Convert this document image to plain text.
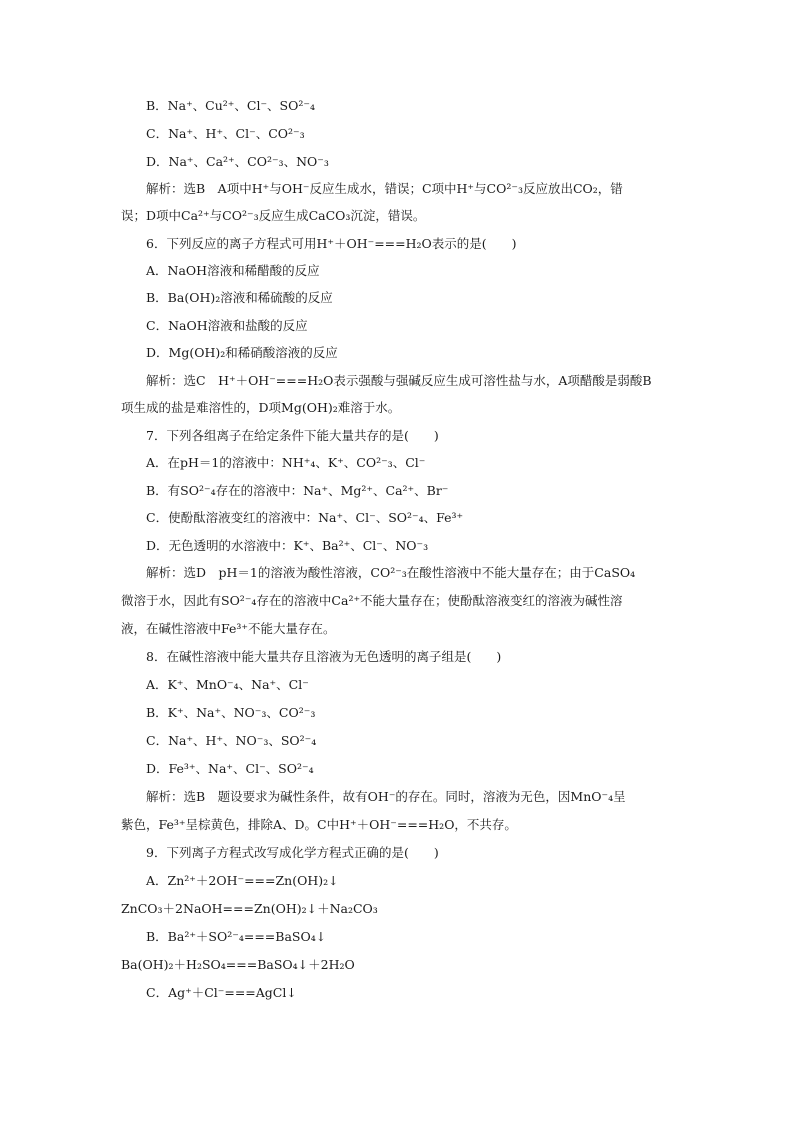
B．Na⁺、Cu²⁺、Cl⁻、SO²⁻₄
C．Na⁺、H⁺、Cl⁻、CO²⁻₃
D．Na⁺、Ca²⁺、CO²⁻₃、NO⁻₃
解析：选B　A项中H⁺与OH⁻反应生成水，错误；C项中H⁺与CO²⁻₃反应放出CO₂，错
误；D项中Ca²⁺与CO²⁻₃反应生成CaCO₃沉淀，错误。
6．下列反应的离子方程式可用H⁺＋OH⁻===H₂O表示的是(　　)
A．NaOH溶液和稀醋酸的反应
B．Ba(OH)₂溶液和稀硫酸的反应
C．NaOH溶液和盐酸的反应
D．Mg(OH)₂和稀硝酸溶液的反应
解析：选C　H⁺＋OH⁻===H₂O表示强酸与强碱反应生成可溶性盐与水，A项醋酸是弱酸B
项生成的盐是难溶性的，D项Mg(OH)₂难溶于水。
7．下列各组离子在给定条件下能大量共存的是(　　)
A．在pH＝1的溶液中：NH⁺₄、K⁺、CO²⁻₃、Cl⁻
B．有SO²⁻₄存在的溶液中：Na⁺、Mg²⁺、Ca²⁺、Br⁻
C．使酚酞溶液变红的溶液中：Na⁺、Cl⁻、SO²⁻₄、Fe³⁺
D．无色透明的水溶液中：K⁺、Ba²⁺、Cl⁻、NO⁻₃
解析：选D　pH＝1的溶液为酸性溶液，CO²⁻₃在酸性溶液中不能大量存在；由于CaSO₄
微溶于水，因此有SO²⁻₄存在的溶液中Ca²⁺不能大量存在；使酚酞溶液变红的溶液为碱性溶
液，在碱性溶液中Fe³⁺不能大量存在。
8．在碱性溶液中能大量共存且溶液为无色透明的离子组是(　　)
A．K⁺、MnO⁻₄、Na⁺、Cl⁻
B．K⁺、Na⁺、NO⁻₃、CO²⁻₃
C．Na⁺、H⁺、NO⁻₃、SO²⁻₄
D．Fe³⁺、Na⁺、Cl⁻、SO²⁻₄
解析：选B　题设要求为碱性条件，故有OH⁻的存在。同时，溶液为无色，因MnO⁻₄呈
紫色，Fe³⁺呈棕黄色，排除A、D。C中H⁺＋OH⁻===H₂O，不共存。
9．下列离子方程式改写成化学方程式正确的是(　　)
A．Zn²⁺＋2OH⁻===Zn(OH)₂↓
ZnCO₃＋2NaOH===Zn(OH)₂↓＋Na₂CO₃
B．Ba²⁺＋SO²⁻₄===BaSO₄↓
Ba(OH)₂＋H₂SO₄===BaSO₄↓＋2H₂O
C．Ag⁺＋Cl⁻===AgCl↓
